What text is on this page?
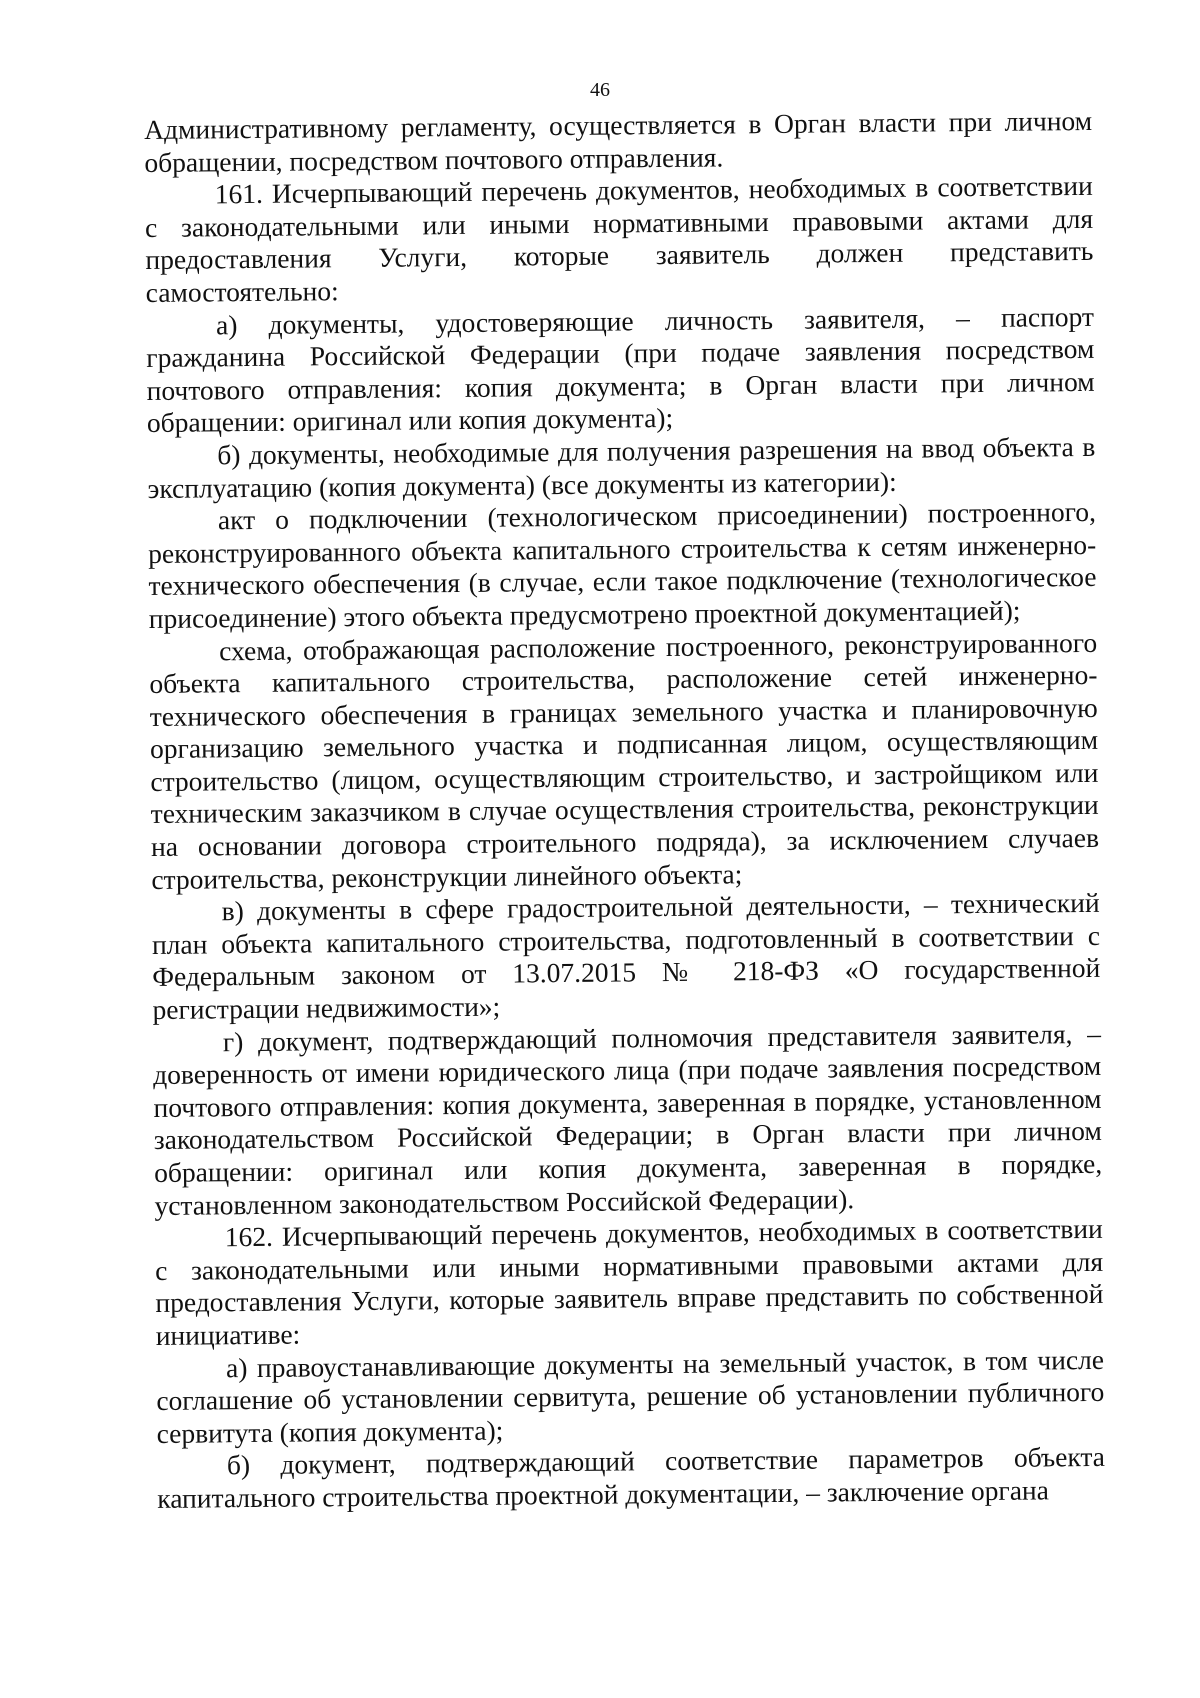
46

Административному регламенту, осуществляется в Орган власти при личном обращении, посредством почтового отправления.

161. Исчерпывающий перечень документов, необходимых в соответствии с законодательными или иными нормативными правовыми актами для предоставления Услуги, которые заявитель должен представить самостоятельно:

а) документы, удостоверяющие личность заявителя, – паспорт гражданина Российской Федерации (при подаче заявления посредством почтового отправления: копия документа; в Орган власти при личном обращении: оригинал или копия документа);

б) документы, необходимые для получения разрешения на ввод объекта в эксплуатацию (копия документа) (все документы из категории):

акт о подключении (технологическом присоединении) построенного, реконструированного объекта капитального строительства к сетям инженерно-технического обеспечения (в случае, если такое подключение (технологическое присоединение) этого объекта предусмотрено проектной документацией);

схема, отображающая расположение построенного, реконструированного объекта капитального строительства, расположение сетей инженерно-технического обеспечения в границах земельного участка и планировочную организацию земельного участка и подписанная лицом, осуществляющим строительство (лицом, осуществляющим строительство, и застройщиком или техническим заказчиком в случае осуществления строительства, реконструкции на основании договора строительного подряда), за исключением случаев строительства, реконструкции линейного объекта;

в) документы в сфере градостроительной деятельности, – технический план объекта капитального строительства, подготовленный в соответствии с Федеральным законом от 13.07.2015 № 218-ФЗ «О государственной регистрации недвижимости»;

г) документ, подтверждающий полномочия представителя заявителя, – доверенность от имени юридического лица (при подаче заявления посредством почтового отправления: копия документа, заверенная в порядке, установленном законодательством Российской Федерации; в Орган власти при личном обращении: оригинал или копия документа, заверенная в порядке, установленном законодательством Российской Федерации).

162. Исчерпывающий перечень документов, необходимых в соответствии с законодательными или иными нормативными правовыми актами для предоставления Услуги, которые заявитель вправе представить по собственной инициативе:

а) правоустанавливающие документы на земельный участок, в том числе соглашение об установлении сервитута, решение об установлении публичного сервитута (копия документа);

б) документ, подтверждающий соответствие параметров объекта капитального строительства проектной документации, – заключение органа
